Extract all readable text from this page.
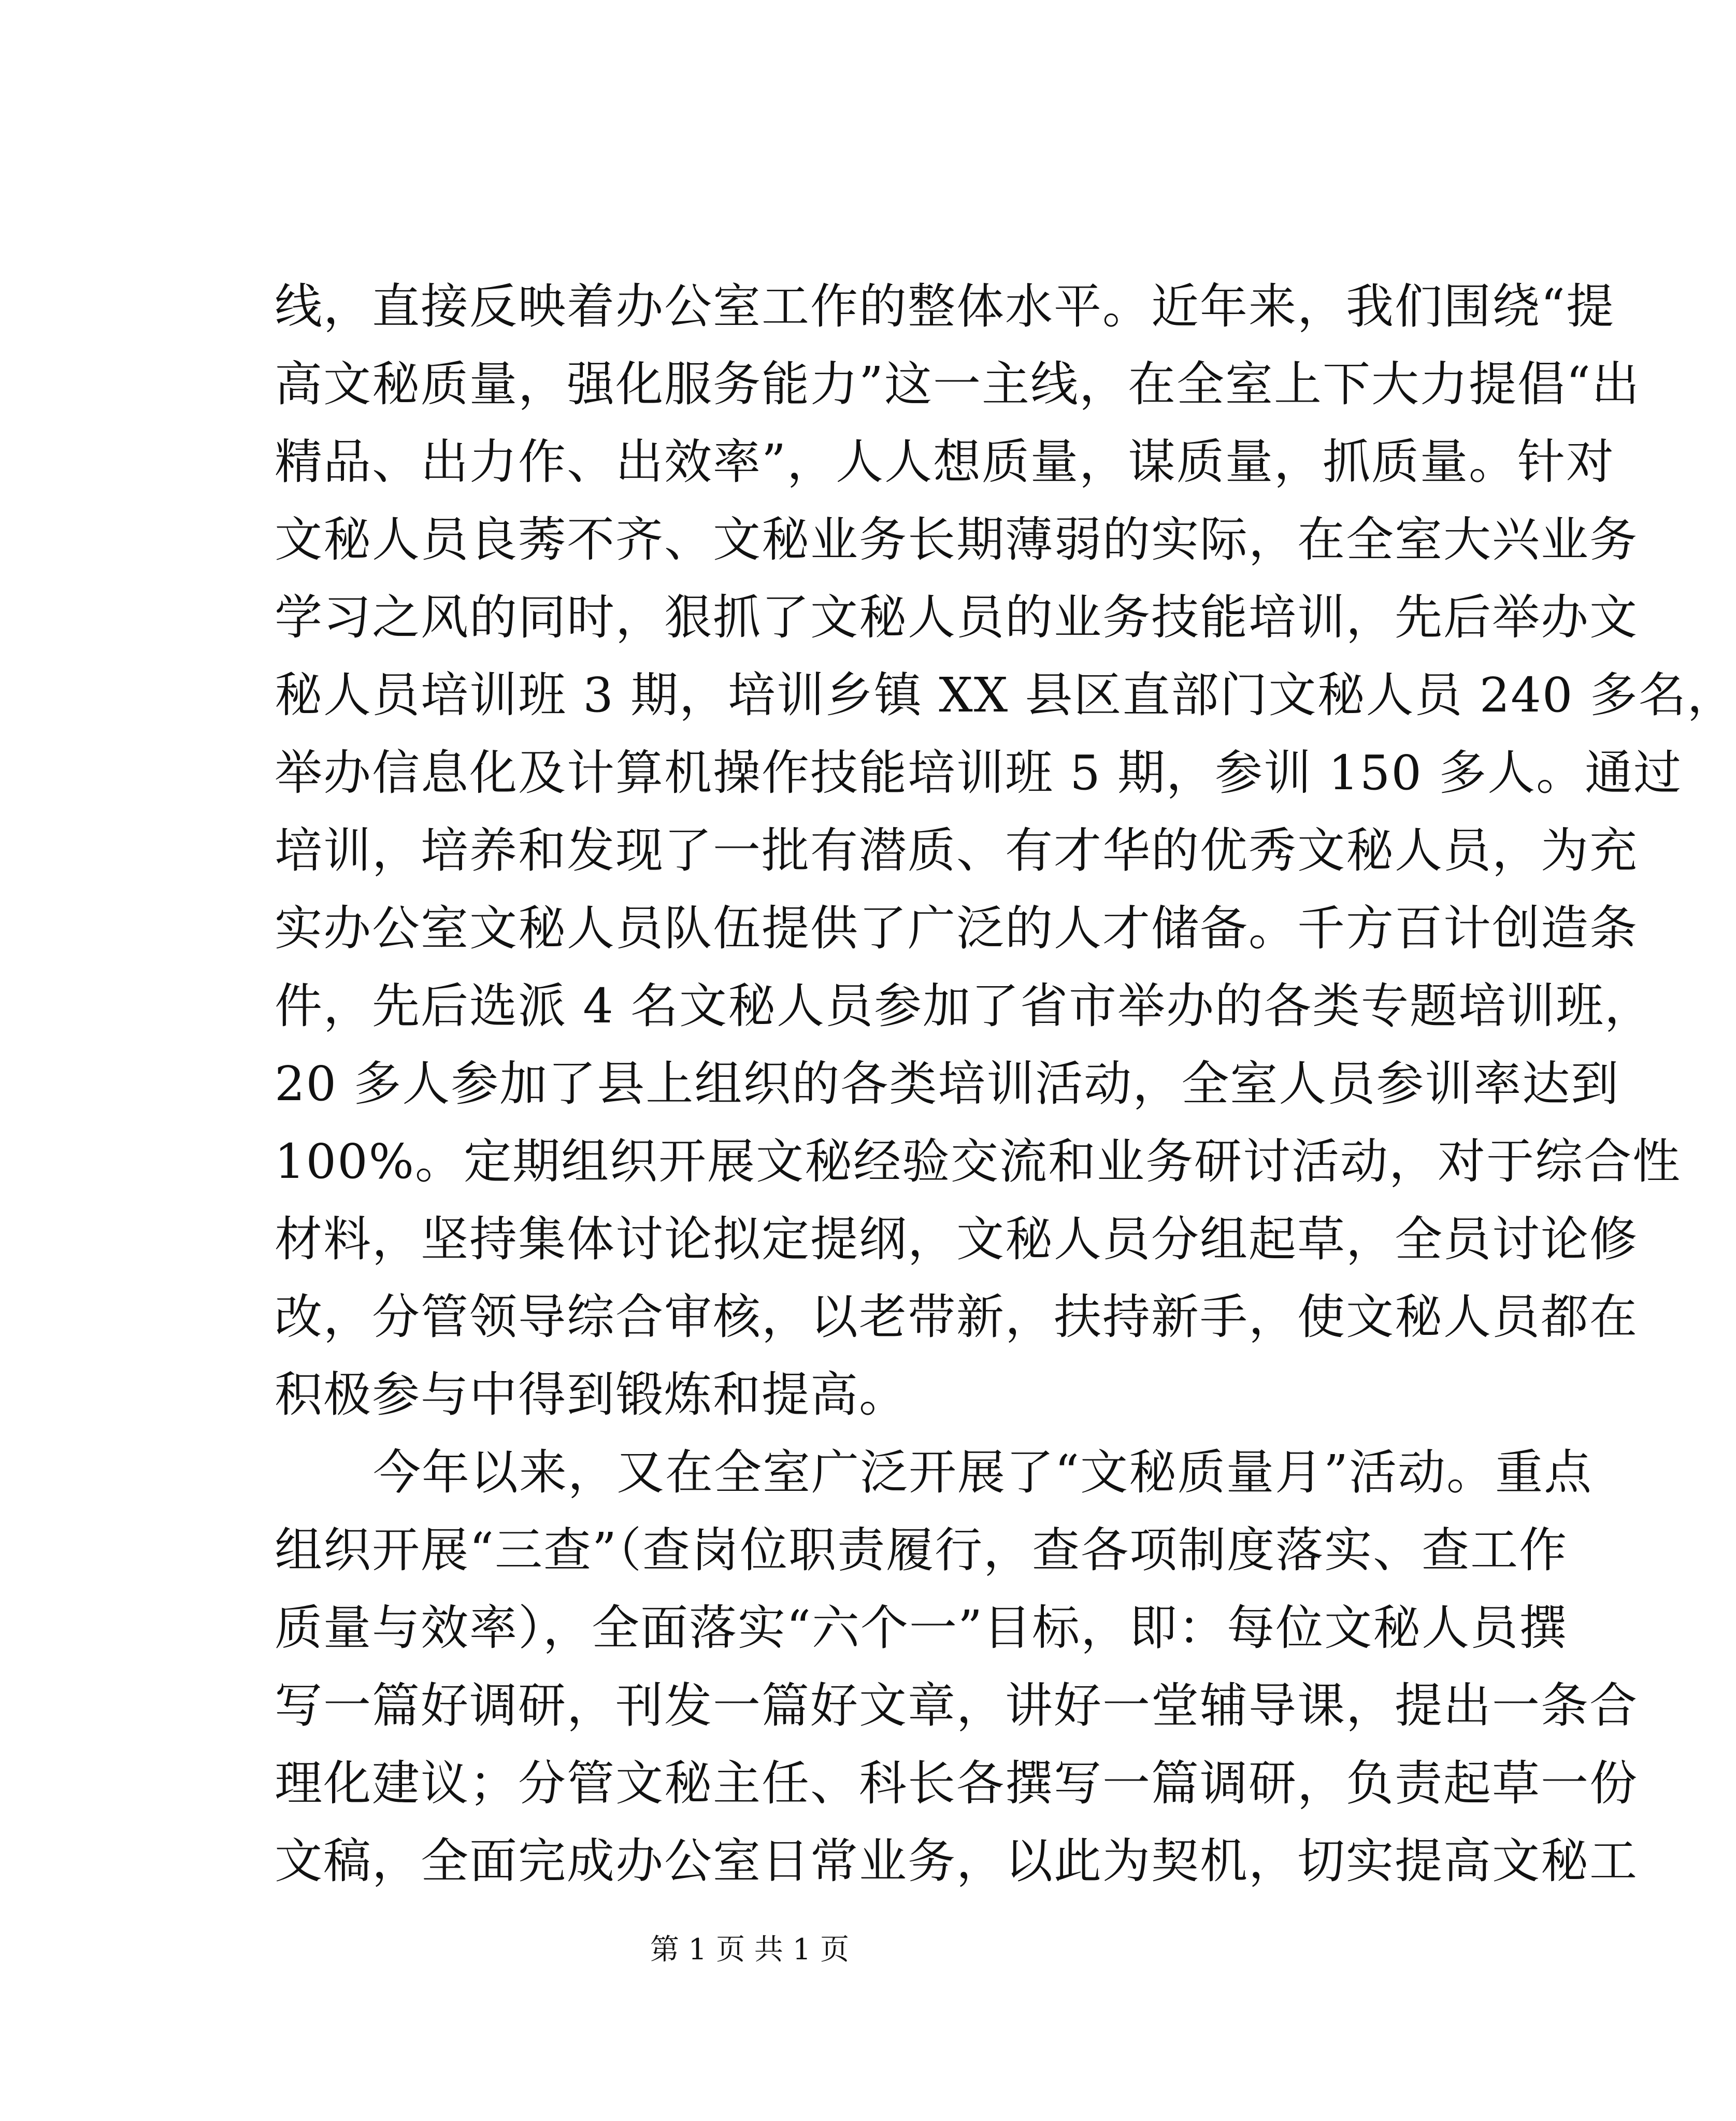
线，直接反映着办公室工作的整体水平。近年来，我们围绕“提
高文秘质量，强化服务能力”这一主线，在全室上下大力提倡“出
精品、出力作、出效率”，人人想质量，谋质量，抓质量。针对
文秘人员良莠不齐、文秘业务长期薄弱的实际，在全室大兴业务
学习之风的同时，狠抓了文秘人员的业务技能培训，先后举办文
秘人员培训班 3 期，培训乡镇 XX 县区直部门文秘人员 240 多名，
举办信息化及计算机操作技能培训班 5 期，参训 150 多人。通过
培训，培养和发现了一批有潜质、有才华的优秀文秘人员，为充
实办公室文秘人员队伍提供了广泛的人才储备。千方百计创造条
件，先后选派 4 名文秘人员参加了省市举办的各类专题培训班，
20 多人参加了县上组织的各类培训活动，全室人员参训率达到
100%。定期组织开展文秘经验交流和业务研讨活动，对于综合性
材料，坚持集体讨论拟定提纲，文秘人员分组起草，全员讨论修
改，分管领导综合审核，以老带新，扶持新手，使文秘人员都在
积极参与中得到锻炼和提高。
　　今年以来，又在全室广泛开展了“文秘质量月”活动。重点
组织开展“三查”（查岗位职责履行，查各项制度落实、查工作
质量与效率），全面落实“六个一”目标，即：每位文秘人员撰
写一篇好调研，刊发一篇好文章，讲好一堂辅导课，提出一条合
理化建议；分管文秘主任、科长各撰写一篇调研，负责起草一份
文稿，全面完成办公室日常业务，以此为契机，切实提高文秘工
第 1 页 共 1 页
